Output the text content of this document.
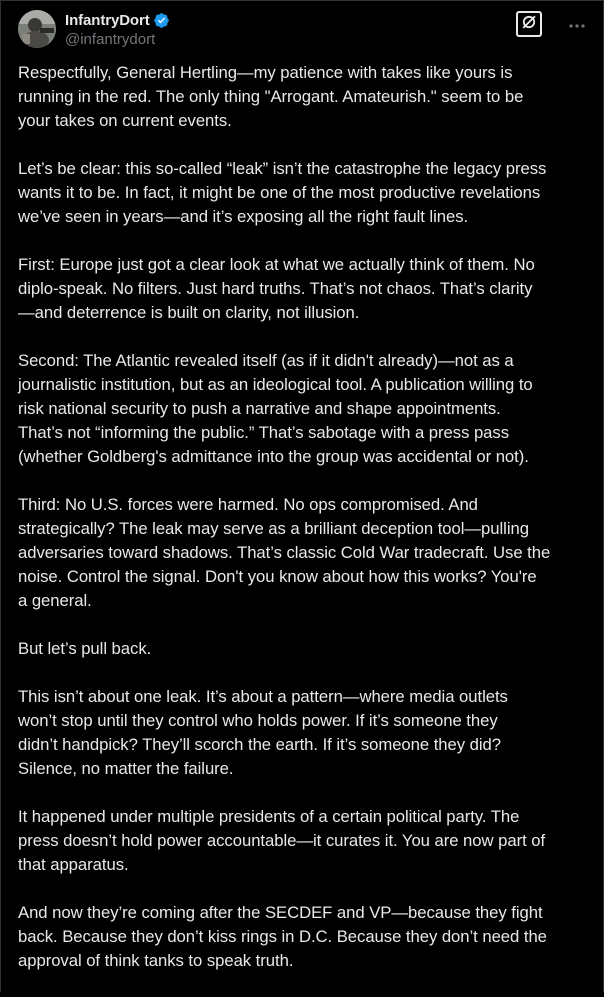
InfantryDort
@infantrydort

Respectfully, General Hertling—my patience with takes like yours is
running in the red. The only thing "Arrogant. Amateurish." seem to be
your takes on current events.

Let’s be clear: this so-called “leak” isn’t the catastrophe the legacy press
wants it to be. In fact, it might be one of the most productive revelations
we’ve seen in years—and it’s exposing all the right fault lines.

First: Europe just got a clear look at what we actually think of them. No
diplo-speak. No filters. Just hard truths. That’s not chaos. That’s clarity
—and deterrence is built on clarity, not illusion.

Second: The Atlantic revealed itself (as if it didn't already)—not as a
journalistic institution, but as an ideological tool. A publication willing to
risk national security to push a narrative and shape appointments.
That’s not “informing the public.” That’s sabotage with a press pass
(whether Goldberg's admittance into the group was accidental or not).

Third: No U.S. forces were harmed. No ops compromised. And
strategically? The leak may serve as a brilliant deception tool—pulling
adversaries toward shadows. That’s classic Cold War tradecraft. Use the
noise. Control the signal. Don't you know about how this works? You're
a general.

But let’s pull back.

This isn’t about one leak. It’s about a pattern—where media outlets
won’t stop until they control who holds power. If it’s someone they
didn’t handpick? They’ll scorch the earth. If it’s someone they did?
Silence, no matter the failure.

It happened under multiple presidents of a certain political party. The
press doesn’t hold power accountable—it curates it. You are now part of
that apparatus.

And now they’re coming after the SECDEF and VP—because they fight
back. Because they don’t kiss rings in D.C. Because they don’t need the
approval of think tanks to speak truth.
